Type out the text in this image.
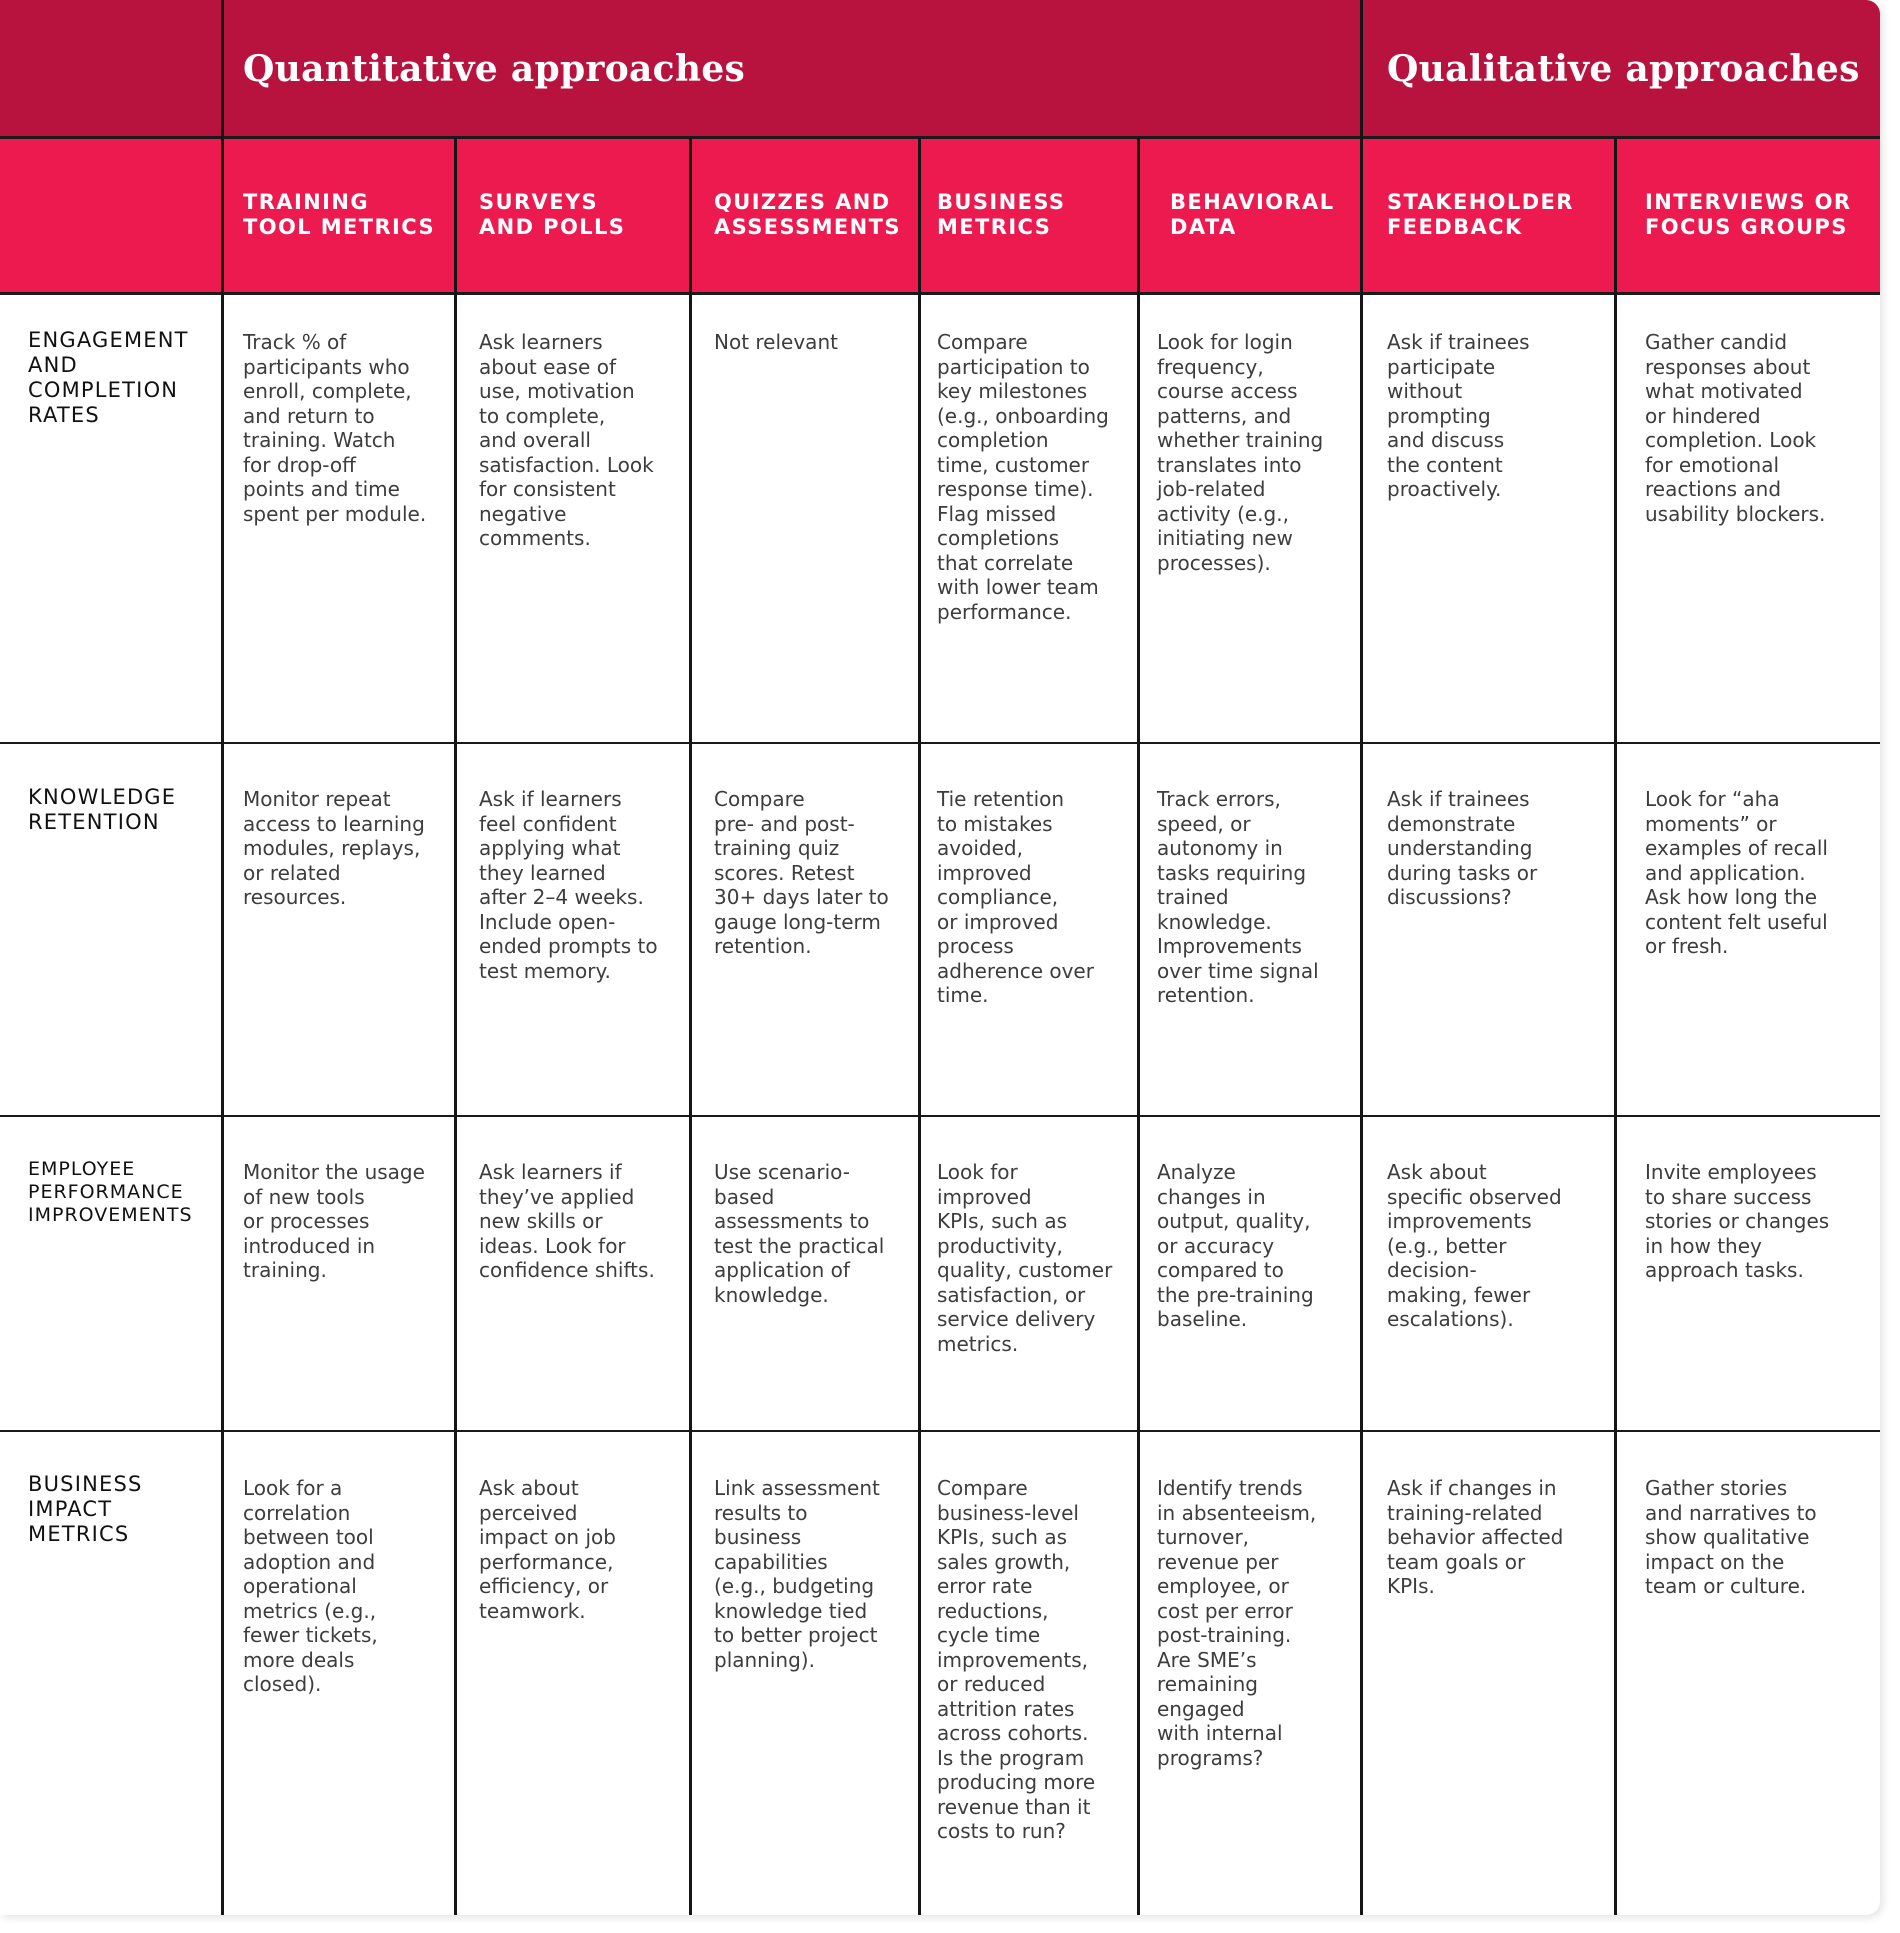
Quantitative approaches	Qualitative approaches
TRAINING
TOOL METRICS
SURVEYS
AND POLLS
QUIZZES AND
ASSESSMENTS
BUSINESS
METRICS
BEHAVIORAL
DATA
STAKEHOLDER
FEEDBACK
INTERVIEWS OR
FOCUS GROUPS
ENGAGEMENT
AND
COMPLETION
RATES
KNOWLEDGE
RETENTION
EMPLOYEE
PERFORMANCE
IMPROVEMENTS
BUSINESS
IMPACT
METRICS
Track % of
participants who
enroll, complete,
and return to
training. Watch
for drop-off
points and time
spent per module.
Ask learners
about ease of
use, motivation
to complete,
and overall
satisfaction. Look
for consistent
negative
comments.
Not relevant	Compare
participation to
key milestones
(e.g., onboarding
completion
time, customer
response time).
Flag missed
completions
that correlate
with lower team
performance.
Look for login
frequency,
course access
patterns, and
whether training
translates into
job-related
activity (e.g.,
initiating new
processes).
Ask if trainees
participate
without
prompting
and discuss
the content
proactively.
Gather candid
responses about
what motivated
or hindered
completion. Look
for emotional
reactions and
usability blockers.
Monitor repeat
access to learning
modules, replays,
or related
resources.
Ask if learners
feel confident
applying what
they learned
after 2–4 weeks.
Include open-
ended prompts to
test memory.
Compare
pre- and post-
training quiz
scores. Retest
30+ days later to
gauge long-term
retention.
Tie retention
to mistakes
avoided,
improved
compliance,
or improved
process
adherence over
time.
Track errors,
speed, or
autonomy in
tasks requiring
trained
knowledge.
Improvements
over time signal
retention.
Ask if trainees
demonstrate
understanding
during tasks or
discussions?
Look for “aha
moments” or
examples of recall
and application.
Ask how long the
content felt useful
or fresh.
Monitor the usage
of new tools
or processes
introduced in
training.
Ask learners if
they’ve applied
new skills or
ideas. Look for
confidence shifts.
Use scenario-
based
assessments to
test the practical
application of
knowledge.
Look for
improved
KPIs, such as
productivity,
quality, customer
satisfaction, or
service delivery
metrics.
Analyze
changes in
output, quality,
or accuracy
compared to
the pre-training
baseline.
Ask about
specific observed
improvements
(e.g., better
decision-
making, fewer
escalations).
Invite employees
to share success
stories or changes
in how they
approach tasks.
Look for a
correlation
between tool
adoption and
operational
metrics (e.g.,
fewer tickets,
more deals
closed).
Ask about
perceived
impact on job
performance,
efficiency, or
teamwork.
Link assessment
results to
business
capabilities
(e.g., budgeting
knowledge tied
to better project
planning).
Compare
business-level
KPIs, such as
sales growth,
error rate
reductions,
cycle time
improvements,
or reduced
attrition rates
across cohorts.
Is the program
producing more
revenue than it
costs to run?
Identify trends
in absenteeism,
turnover,
revenue per
employee, or
cost per error
post-training.
Are SME’s
remaining
engaged
with internal
programs?
Ask if changes in
training-related
behavior affected
team goals or
KPIs.
Gather stories
and narratives to
show qualitative
impact on the
team or culture.
